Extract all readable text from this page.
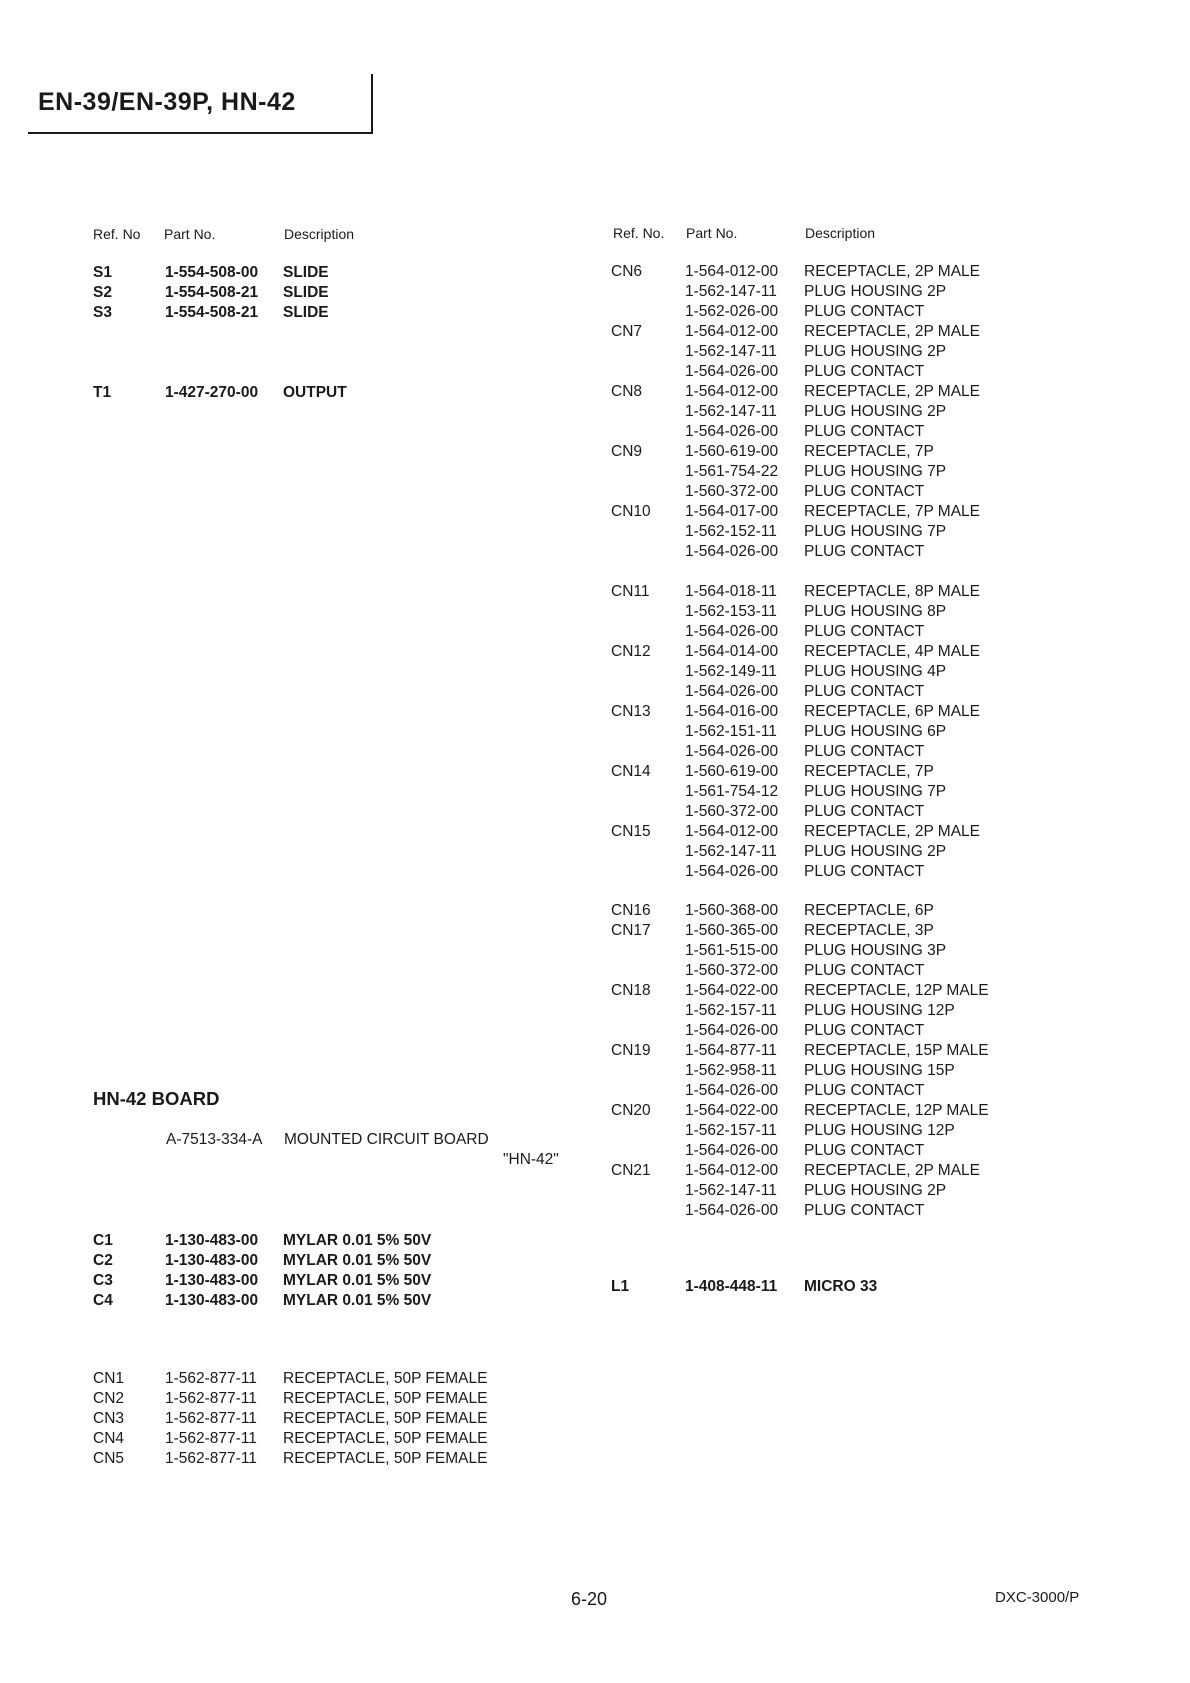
EN-39/EN-39P, HN-42
Ref. No Part No.	Description	Ref. No. Part No.	Description
S1	1-554-508-00 SLIDE
S2	1-554-508-21 SLIDE
S3	1-554-508-21 SLIDE
T1	1-427-270-00 OUTPUT
HN-42 BOARD
A-7513-334-A MOUNTED CIRCUIT BOARD
"HN-42"
C1	1-130-483-00 MYLAR 0.01 5% 50V
C2	1-130-483-00 MYLAR 0.01 5% 50V
C3	1-130-483-00 MYLAR 0.01 5% 50V
C4	1-130-483-00 MYLAR 0.01 5% 50V
CN1	1-562-877-11 RECEPTACLE, 50P FEMALE
CN2	1-562-877-11 RECEPTACLE, 50P FEMALE
CN3	1-562-877-11 RECEPTACLE, 50P FEMALE
CN4	1-562-877-11 RECEPTACLE, 50P FEMALE
CN5	1-562-877-11 RECEPTACLE, 50P FEMALE
CN6	1-564-012-00 RECEPTACLE, 2P MALE
1-562-147-11 PLUG HOUSING 2P
1-562-026-00 PLUG CONTACT
CN7	1-564-012-00 RECEPTACLE, 2P MALE
1-562-147-11 PLUG HOUSING 2P
1-564-026-00 PLUG CONTACT
CN8	1-564-012-00 RECEPTACLE, 2P MALE
1-562-147-11 PLUG HOUSING 2P
1-564-026-00 PLUG CONTACT
CN9	1-560-619-00 RECEPTACLE, 7P
1-561-754-22 PLUG HOUSING 7P
1-560-372-00 PLUG CONTACT
CN10 1-564-017-00 RECEPTACLE, 7P MALE
1-562-152-11 PLUG HOUSING 7P
1-564-026-00 PLUG CONTACT
CN11 1-564-018-11 RECEPTACLE, 8P MALE
1-562-153-11 PLUG HOUSING 8P
1-564-026-00 PLUG CONTACT
CN12 1-564-014-00 RECEPTACLE, 4P MALE
1-562-149-11 PLUG HOUSING 4P
1-564-026-00 PLUG CONTACT
CN13 1-564-016-00 RECEPTACLE, 6P MALE
1-562-151-11 PLUG HOUSING 6P
1-564-026-00 PLUG CONTACT
CN14 1-560-619-00 RECEPTACLE, 7P
1-561-754-12 PLUG HOUSING 7P
1-560-372-00 PLUG CONTACT
CN15 1-564-012-00 RECEPTACLE, 2P MALE
1-562-147-11 PLUG HOUSING 2P
1-564-026-00 PLUG CONTACT
CN16 1-560-368-00 RECEPTACLE, 6P
CN17 1-560-365-00 RECEPTACLE, 3P
1-561-515-00 PLUG HOUSING 3P
1-560-372-00 PLUG CONTACT
CN18 1-564-022-00 RECEPTACLE, 12P MALE
1-562-157-11 PLUG HOUSING 12P
1-564-026-00 PLUG CONTACT
CN19 1-564-877-11 RECEPTACLE, 15P MALE
1-562-958-11 PLUG HOUSING 15P
1-564-026-00 PLUG CONTACT
CN20 1-564-022-00 RECEPTACLE, 12P MALE
1-562-157-11 PLUG HOUSING 12P
1-564-026-00 PLUG CONTACT
CN21 1-564-012-00 RECEPTACLE, 2P MALE
1-562-147-11 PLUG HOUSING 2P
1-564-026-00 PLUG CONTACT
L1	1-408-448-11 MICRO 33
6-20	DXC-3000/P
